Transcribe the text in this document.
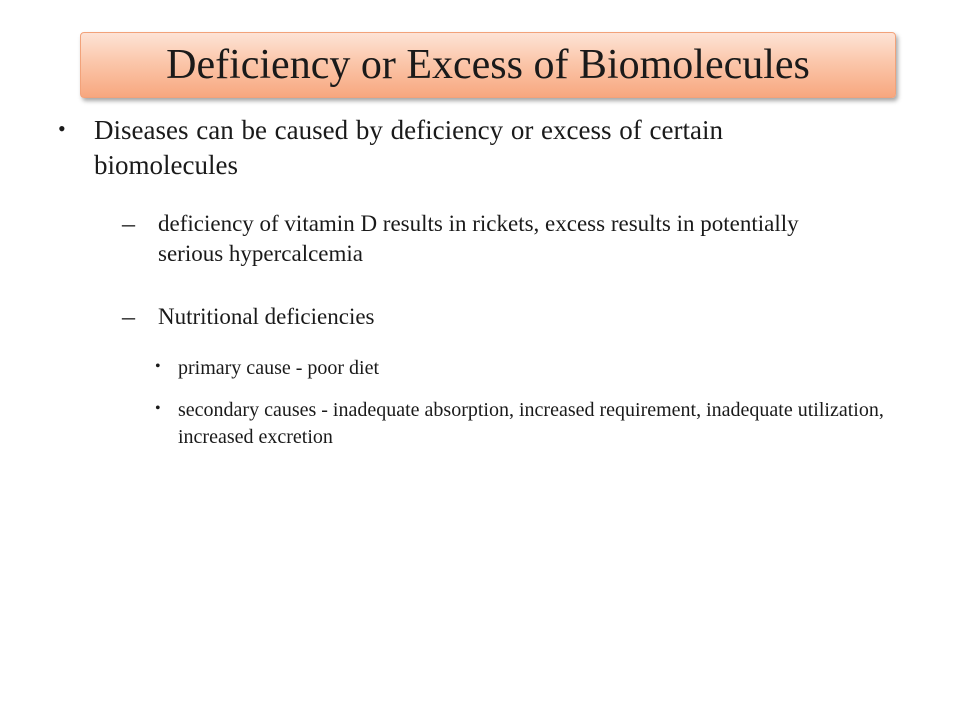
Deficiency or Excess of Biomolecules
•	Diseases can be caused by deficiency or excess of certain biomolecules
–	deficiency of vitamin D results in rickets, excess results in potentially serious hypercalcemia
–	Nutritional deficiencies
• primary cause - poor diet
• secondary causes - inadequate absorption, increased requirement, inadequate utilization, increased excretion
